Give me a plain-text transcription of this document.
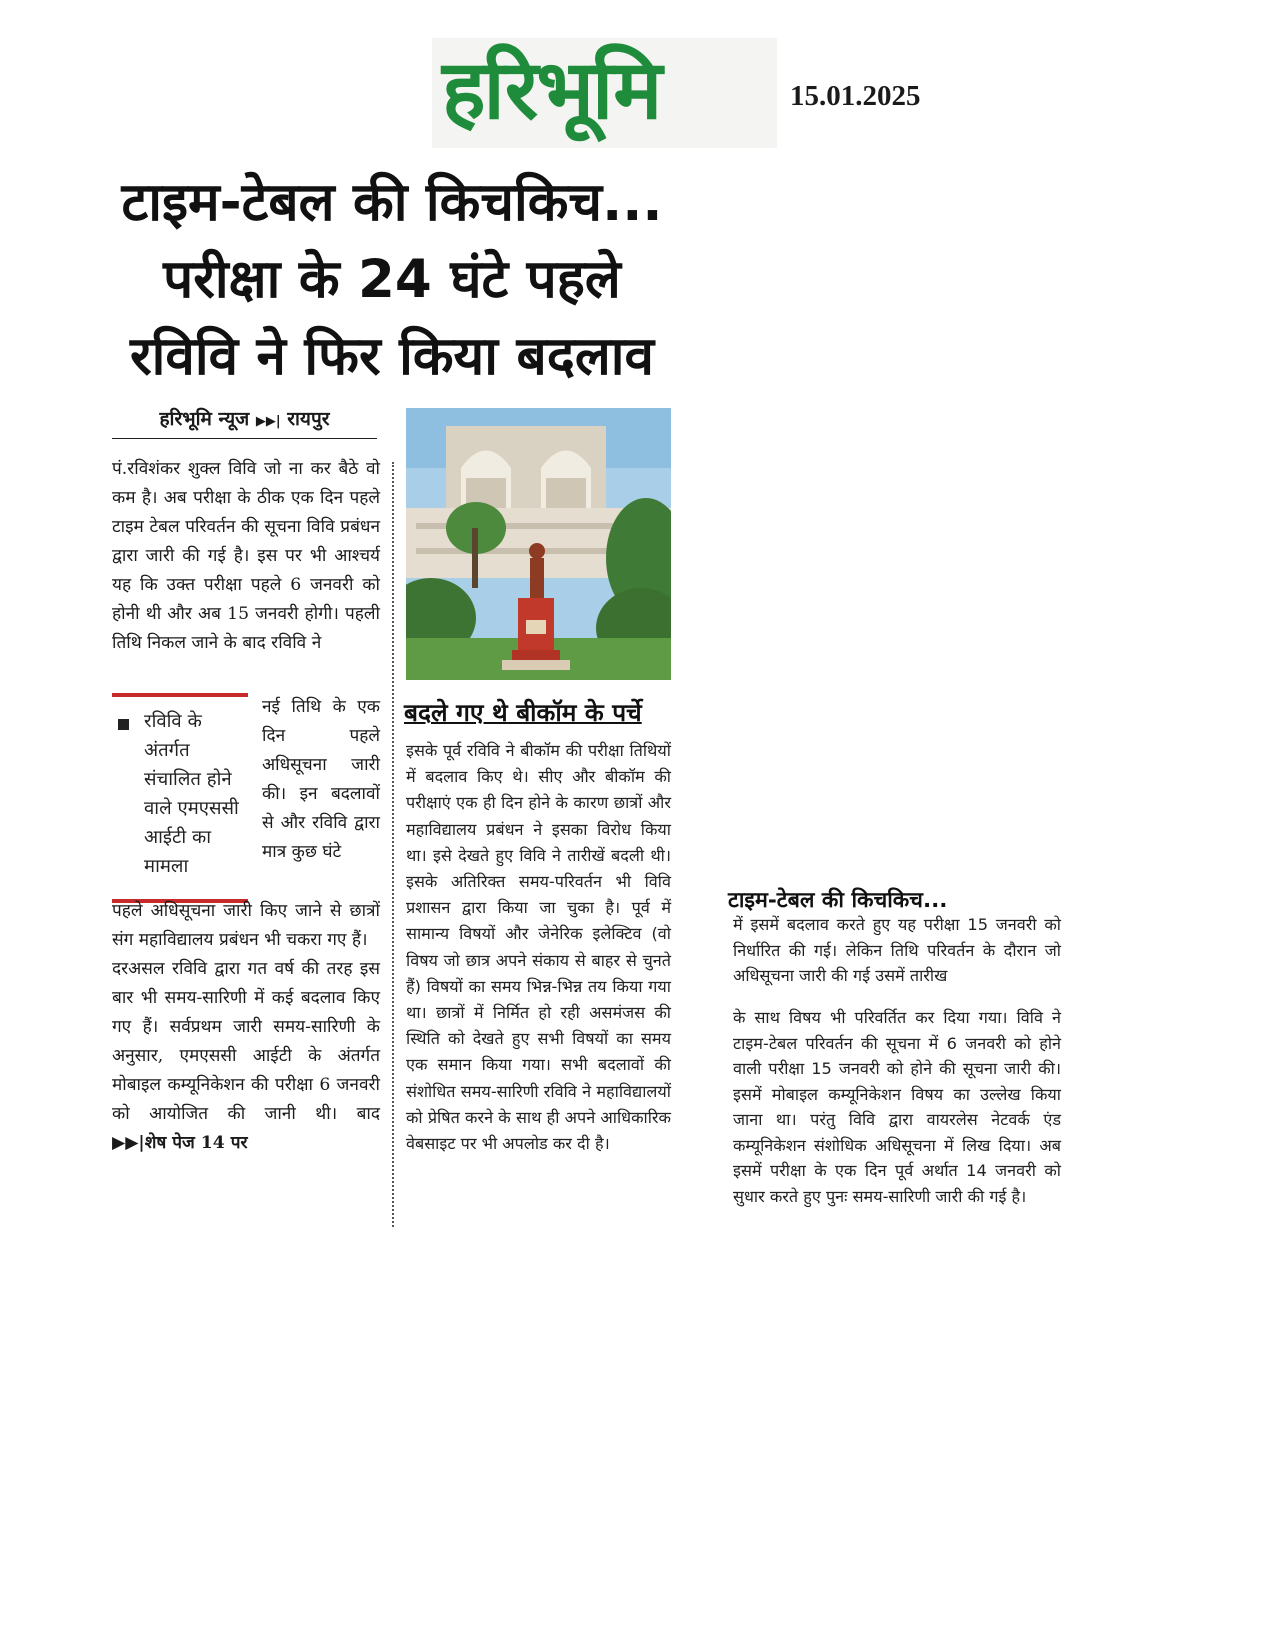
हरिभूमि	15.01.2025
टाइम-टेबल की किचकिच...
परीक्षा के 24 घंटे पहले
रविवि ने फिर किया बदलाव
हरिभूमि न्यूज ▶▶| रायपुर

पं.रविशंकर शुक्ल विवि जो ना कर बैठे वो कम है। अब परीक्षा के ठीक एक दिन पहले टाइम टेबल परिवर्तन की सूचना विवि प्रबंधन द्वारा जारी की गई है। इस पर भी आश्चर्य यह कि उक्त परीक्षा पहले 6 जनवरी को होनी थी और अब 15 जनवरी होगी। पहली तिथि निकल जाने के बाद रविवि ने

रविवि के अंतर्गत संचालित होने वाले एमएससी आईटी का मामला
नई तिथि के एक दिन पहले अधिसूचना जारी की। इन बदलावों से और रविवि द्वारा मात्र कुछ घंटे

पहले अधिसूचना जारी किए जाने से छात्रों संग महाविद्यालय प्रबंधन भी चकरा गए हैं।

दरअसल रविवि द्वारा गत वर्ष की तरह इस बार भी समय-सारिणी में कई बदलाव किए गए हैं। सर्वप्रथम जारी समय-सारिणी के अनुसार, एमएससी आईटी के अंतर्गत मोबाइल कम्यूनिकेशन की परीक्षा 6 जनवरी को आयोजित की जानी थी। बाद ▶▶|शेष पेज 14 पर

बदले गए थे बीकॉम के पर्चे

इसके पूर्व रविवि ने बीकॉम की परीक्षा तिथियों में बदलाव किए थे। सीए और बीकॉम की परीक्षाएं एक ही दिन होने के कारण छात्रों और महाविद्यालय प्रबंधन ने इसका विरोध किया था। इसे देखते हुए विवि ने तारीखें बदली थी। इसके अतिरिक्त समय-परिवर्तन भी विवि प्रशासन द्वारा किया जा चुका है। पूर्व में सामान्य विषयों और जेनेरिक इलेक्टिव (वो विषय जो छात्र अपने संकाय से बाहर से चुनते हैं) विषयों का समय भिन्न-भिन्न तय किया गया था। छात्रों में निर्मित हो रही असमंजस की स्थिति को देखते हुए सभी विषयों का समय एक समान किया गया। सभी बदलावों की संशोधित समय-सारिणी रविवि ने महाविद्यालयों को प्रेषित करने के साथ ही अपने आधिकारिक वेबसाइट पर भी अपलोड कर दी है।

टाइम-टेबल की किचकिच...

में इसमें बदलाव करते हुए यह परीक्षा 15 जनवरी को निर्धारित की गई। लेकिन तिथि परिवर्तन के दौरान जो अधिसूचना जारी की गई उसमें तारीख

के साथ विषय भी परिवर्तित कर दिया गया। विवि ने टाइम-टेबल परिवर्तन की सूचना में 6 जनवरी को होने वाली परीक्षा 15 जनवरी को होने की सूचना जारी की। इसमें मोबाइल कम्यूनिकेशन विषय का उल्लेख किया जाना था। परंतु विवि द्वारा वायरलेस नेटवर्क एंड कम्यूनिकेशन संशोधिक अधिसूचना में लिख दिया। अब इसमें परीक्षा के एक दिन पूर्व अर्थात 14 जनवरी को सुधार करते हुए पुनः समय-सारिणी जारी की गई है।
